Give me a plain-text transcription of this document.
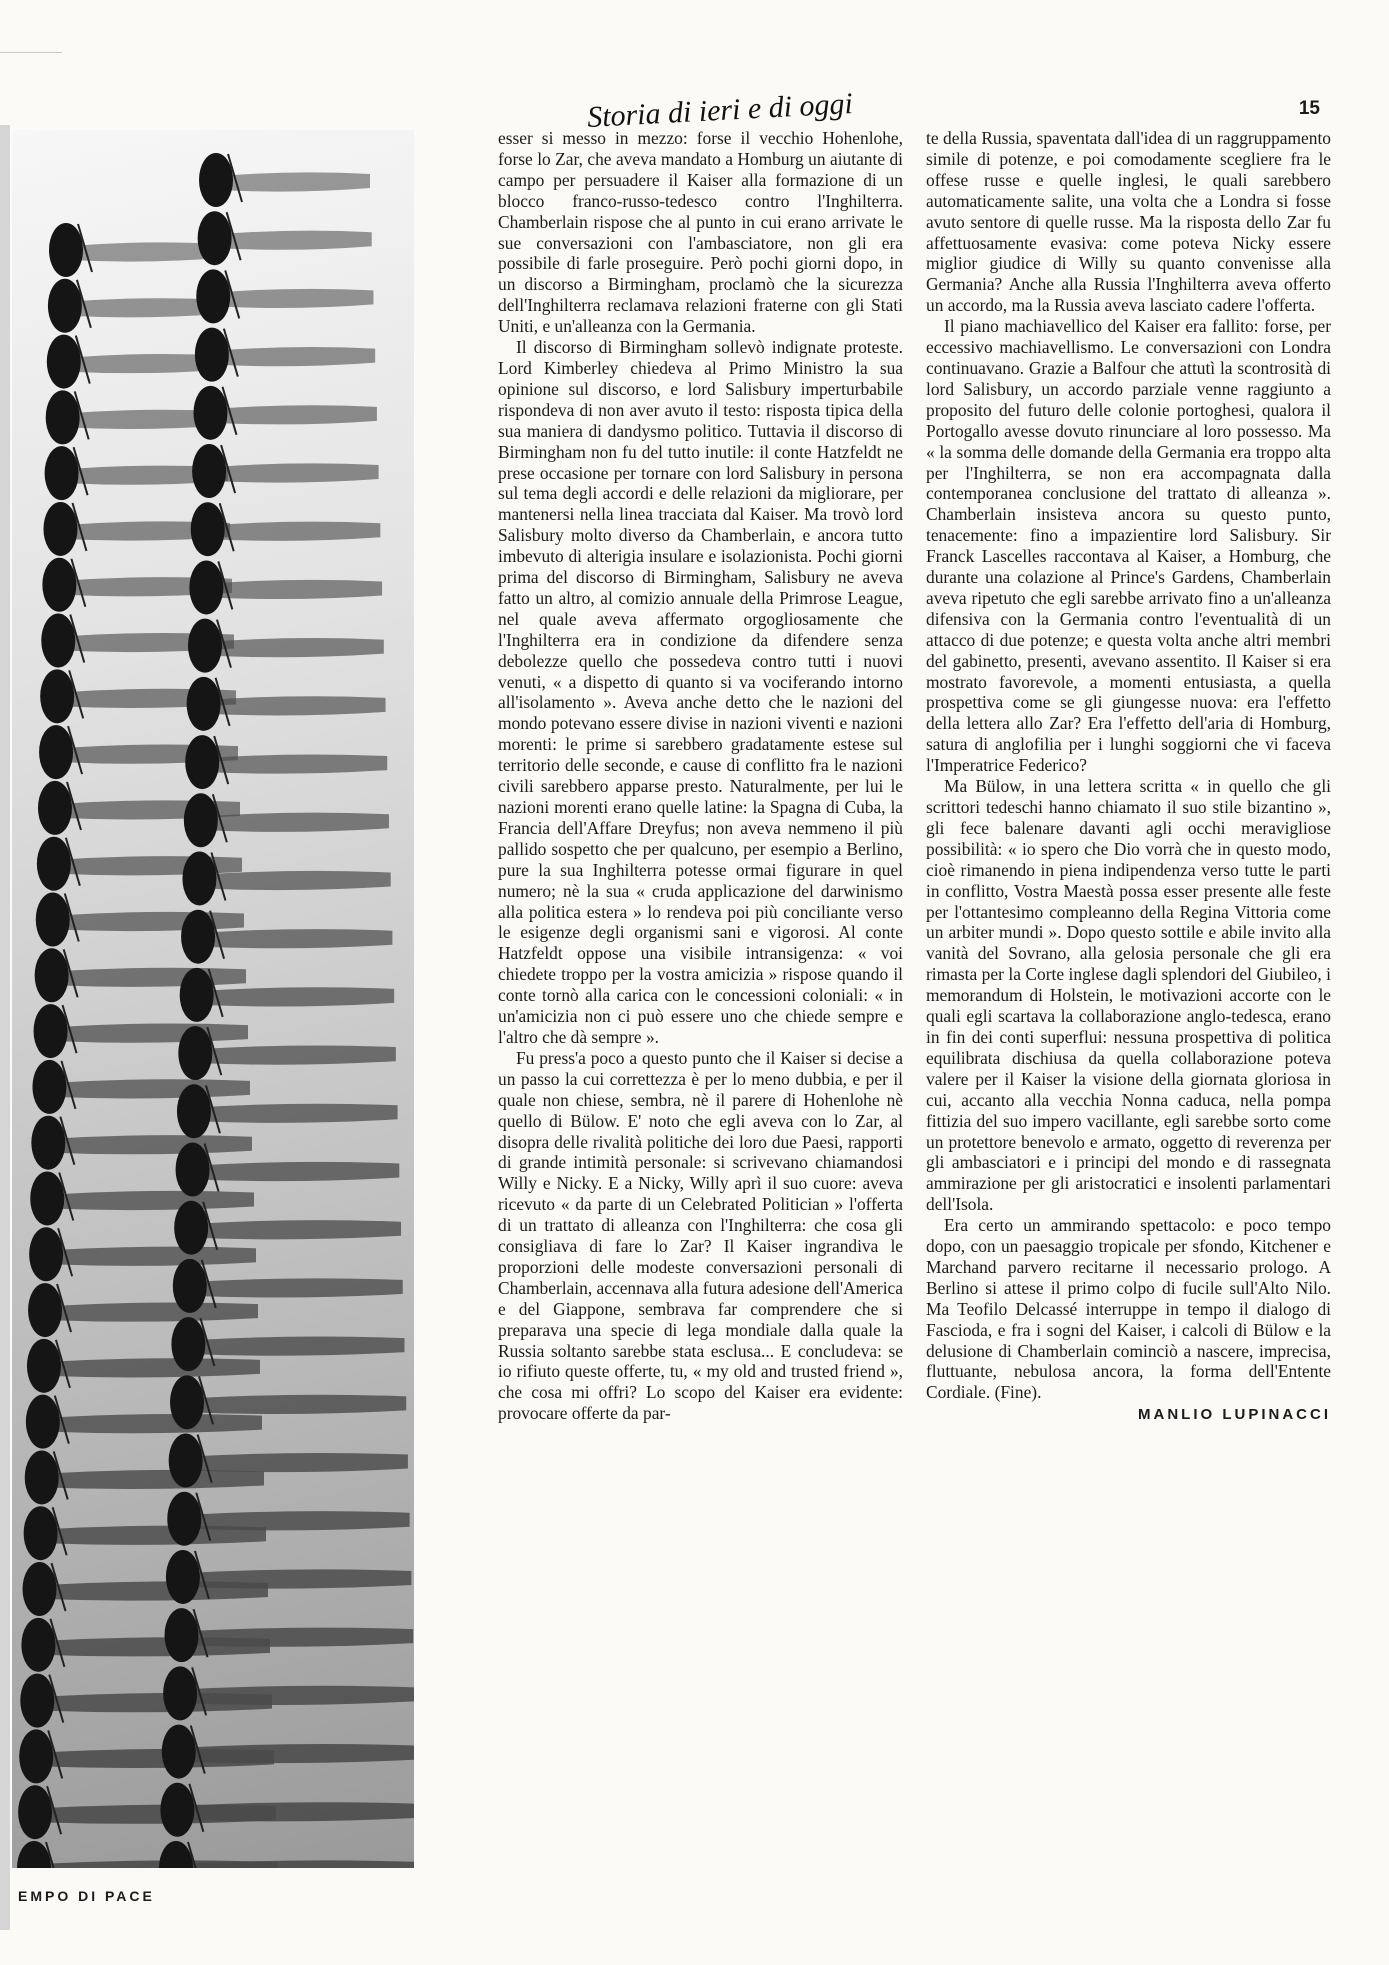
Storia di ieri e di oggi	15
EMPO DI PACE

esser si messo in mezzo: forse il vecchio Hohenlohe, forse lo Zar, che aveva mandato a Homburg un aiutante di campo per persuadere il Kaiser alla formazione di un blocco franco-russo-tedesco contro l'Inghilterra. Chamberlain rispose che al punto in cui erano arrivate le sue conversazioni con l'ambasciatore, non gli era possibile di farle proseguire. Però pochi giorni dopo, in un discorso a Birmingham, proclamò che la sicurezza dell'Inghilterra reclamava relazioni fraterne con gli Stati Uniti, e un'alleanza con la Germania.

Il discorso di Birmingham sollevò indignate proteste. Lord Kimberley chiedeva al Primo Ministro la sua opinione sul discorso, e lord Salisbury imperturbabile rispondeva di non aver avuto il testo: risposta tipica della sua maniera di dandysmo politico. Tuttavia il discorso di Birmingham non fu del tutto inutile: il conte Hatzfeldt ne prese occasione per tornare con lord Salisbury in persona sul tema degli accordi e delle relazioni da migliorare, per mantenersi nella linea tracciata dal Kaiser. Ma trovò lord Salisbury molto diverso da Chamberlain, e ancora tutto imbevuto di alterigia insulare e isolazionista. Pochi giorni prima del discorso di Birmingham, Salisbury ne aveva fatto un altro, al comizio annuale della Primrose League, nel quale aveva affermato orgogliosamente che l'Inghilterra era in condizione da difendere senza debolezze quello che possedeva contro tutti i nuovi venuti, « a dispetto di quanto si va vociferando intorno all'isolamento ». Aveva anche detto che le nazioni del mondo potevano essere divise in nazioni viventi e nazioni morenti: le prime si sarebbero gradatamente estese sul territorio delle seconde, e cause di conflitto fra le nazioni civili sarebbero apparse presto. Naturalmente, per lui le nazioni morenti erano quelle latine: la Spagna di Cuba, la Francia dell'Affare Dreyfus; non aveva nemmeno il più pallido sospetto che per qualcuno, per esempio a Berlino, pure la sua Inghilterra potesse ormai figurare in quel numero; nè la sua « cruda applicazione del darwinismo alla politica estera » lo rendeva poi più conciliante verso le esigenze degli organismi sani e vigorosi. Al conte Hatzfeldt oppose una visibile intransigenza: « voi chiedete troppo per la vostra amicizia » rispose quando il conte tornò alla carica con le concessioni coloniali: « in un'amicizia non ci può essere uno che chiede sempre e l'altro che dà sempre ».

Fu press'a poco a questo punto che il Kaiser si decise a un passo la cui correttezza è per lo meno dubbia, e per il quale non chiese, sembra, nè il parere di Hohenlohe nè quello di Bülow. E' noto che egli aveva con lo Zar, al disopra delle rivalità politiche dei loro due Paesi, rapporti di grande intimità personale: si scrivevano chiamandosi Willy e Nicky. E a Nicky, Willy aprì il suo cuore: aveva ricevuto « da parte di un Celebrated Politician » l'offerta di un trattato di alleanza con l'Inghilterra: che cosa gli consigliava di fare lo Zar? Il Kaiser ingrandiva le proporzioni delle modeste conversazioni personali di Chamberlain, accennava alla futura adesione dell'America e del Giappone, sembrava far comprendere che si preparava una specie di lega mondiale dalla quale la Russia soltanto sarebbe stata esclusa... E concludeva: se io rifiuto queste offerte, tu, « my old and trusted friend », che cosa mi offri? Lo scopo del Kaiser era evidente: provocare offerte da par-

te della Russia, spaventata dall'idea di un raggruppamento simile di potenze, e poi comodamente scegliere fra le offese russe e quelle inglesi, le quali sarebbero automaticamente salite, una volta che a Londra si fosse avuto sentore di quelle russe. Ma la risposta dello Zar fu affettuosamente evasiva: come poteva Nicky essere miglior giudice di Willy su quanto convenisse alla Germania? Anche alla Russia l'Inghilterra aveva offerto un accordo, ma la Russia aveva lasciato cadere l'offerta.

Il piano machiavellico del Kaiser era fallito: forse, per eccessivo machiavellismo. Le conversazioni con Londra continuavano. Grazie a Balfour che attutì la scontrosità di lord Salisbury, un accordo parziale venne raggiunto a proposito del futuro delle colonie portoghesi, qualora il Portogallo avesse dovuto rinunciare al loro possesso. Ma « la somma delle domande della Germania era troppo alta per l'Inghilterra, se non era accompagnata dalla contemporanea conclusione del trattato di alleanza ». Chamberlain insisteva ancora su questo punto, tenacemente: fino a impazientire lord Salisbury. Sir Franck Lascelles raccontava al Kaiser, a Homburg, che durante una colazione al Prince's Gardens, Chamberlain aveva ripetuto che egli sarebbe arrivato fino a un'alleanza difensiva con la Germania contro l'eventualità di un attacco di due potenze; e questa volta anche altri membri del gabinetto, presenti, avevano assentito. Il Kaiser si era mostrato favorevole, a momenti entusiasta, a quella prospettiva come se gli giungesse nuova: era l'effetto della lettera allo Zar? Era l'effetto dell'aria di Homburg, satura di anglofilia per i lunghi soggiorni che vi faceva l'Imperatrice Federico?

Ma Bülow, in una lettera scritta « in quello che gli scrittori tedeschi hanno chiamato il suo stile bizantino », gli fece balenare davanti agli occhi meravigliose possibilità: « io spero che Dio vorrà che in questo modo, cioè rimanendo in piena indipendenza verso tutte le parti in conflitto, Vostra Maestà possa esser presente alle feste per l'ottantesimo compleanno della Regina Vittoria come un arbiter mundi ». Dopo questo sottile e abile invito alla vanità del Sovrano, alla gelosia personale che gli era rimasta per la Corte inglese dagli splendori del Giubileo, i memorandum di Holstein, le motivazioni accorte con le quali egli scartava la collaborazione anglo-tedesca, erano in fin dei conti superflui: nessuna prospettiva di politica equilibrata dischiusa da quella collaborazione poteva valere per il Kaiser la visione della giornata gloriosa in cui, accanto alla vecchia Nonna caduca, nella pompa fittizia del suo impero vacillante, egli sarebbe sorto come un protettore benevolo e armato, oggetto di reverenza per gli ambasciatori e i principi del mondo e di rassegnata ammirazione per gli aristocratici e insolenti parlamentari dell'Isola.

Era certo un ammirando spettacolo: e poco tempo dopo, con un paesaggio tropicale per sfondo, Kitchener e Marchand parvero recitarne il necessario prologo. A Berlino si attese il primo colpo di fucile sull'Alto Nilo. Ma Teofilo Delcassé interruppe in tempo il dialogo di Fascioda, e fra i sogni del Kaiser, i calcoli di Bülow e la delusione di Chamberlain cominciò a nascere, imprecisa, fluttuante, nebulosa ancora, la forma dell'Entente Cordiale. (Fine).

MANLIO LUPINACCI
